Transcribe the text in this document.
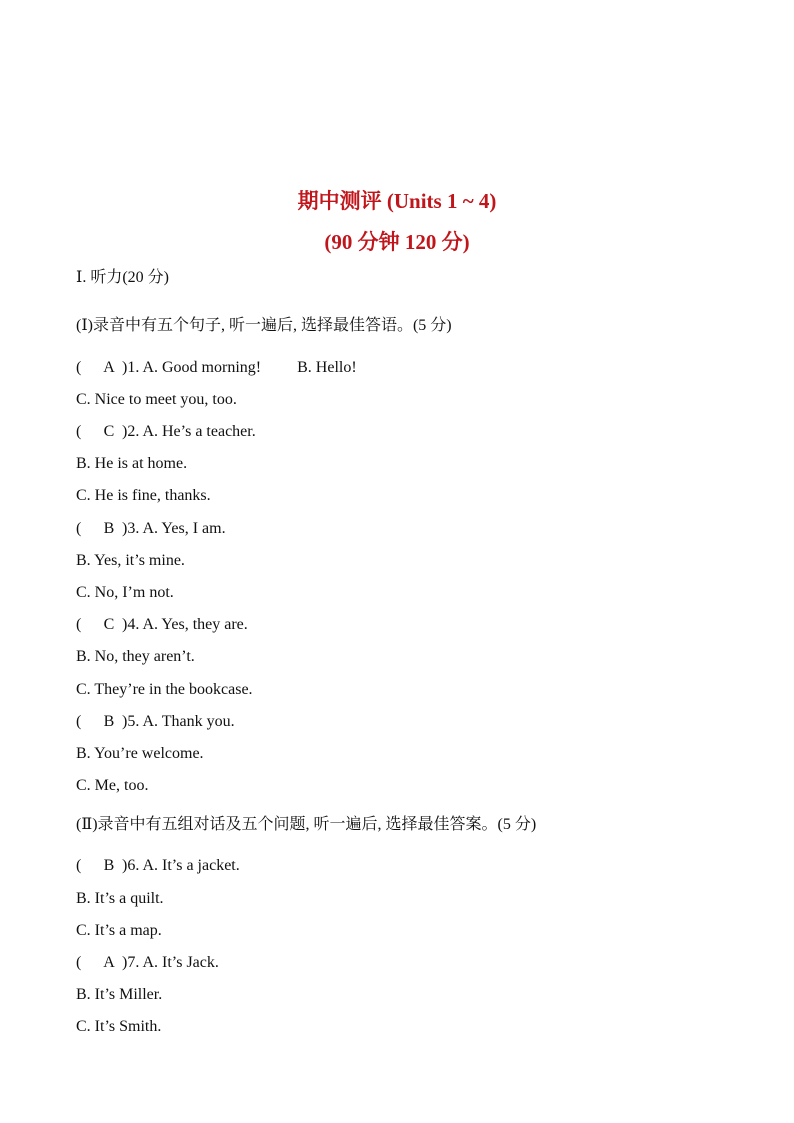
期中测评 (Units 1 ~ 4)
(90 分钟 120 分)
Ⅰ. 听力(20 分)
(Ⅰ)录音中有五个句子, 听一遍后, 选择最佳答语。(5 分)
(	A )1. A. Good morning! B. Hello!
C. Nice to meet you, too.
(	C )2. A. He’s a teacher.
B. He is at home.
C. He is fine, thanks.
(	B )3. A. Yes, I am.
B. Yes, it’s mine.
C. No, I’m not.
(	C )4. A. Yes, they are.
B. No, they aren’t.
C. They’re in the bookcase.
(	B )5. A. Thank you.
B. You’re welcome.
C. Me, too.
(Ⅱ)录音中有五组对话及五个问题, 听一遍后, 选择最佳答案。(5 分)
(	B )6. A. It’s a jacket.
B. It’s a quilt.
C. It’s a map.
(	A )7. A. It’s Jack.
B. It’s Miller.
C. It’s Smith.
